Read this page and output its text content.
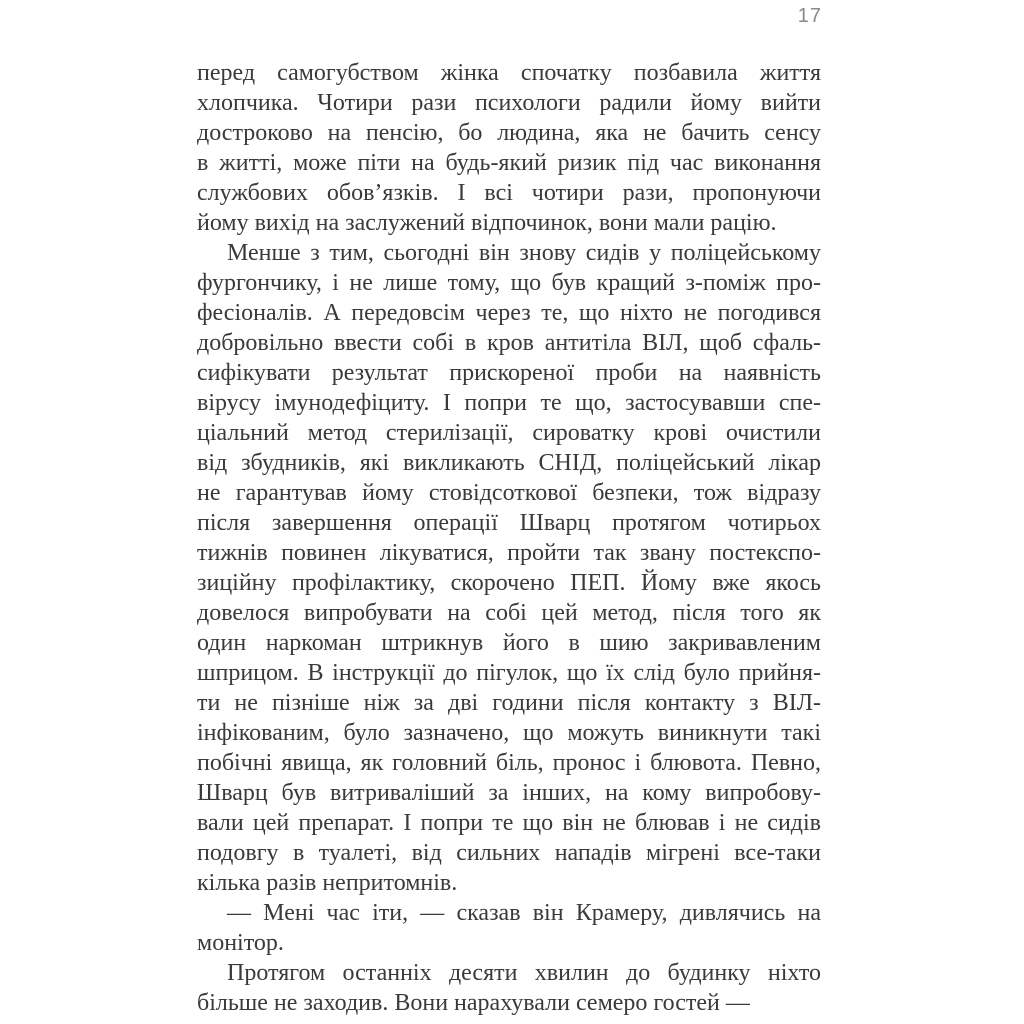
17
перед самогубством жінка спочатку позбавила життя
хлопчика. Чотири рази психологи радили йому вийти
достроково на пенсію, бо людина, яка не бачить сенсу
в житті, може піти на будь-який ризик під час виконання
службових обов’язків. І всі чотири рази, пропонуючи
йому вихід на заслужений відпочинок, вони мали рацію.
Менше з тим, сьогодні він знову сидів у поліцейському
фургончику, і не лише тому, що був кращий з-поміж про-
фесіоналів. А передовсім через те, що ніхто не погодився
добровільно ввести собі в кров антитіла ВІЛ, щоб сфаль-
сифікувати результат прискореної проби на наявність
вірусу імунодефіциту. І попри те що, застосувавши спе-
ціальний метод стерилізації, сироватку крові очистили
від збудників, які викликають СНІД, поліцейський лікар
не гарантував йому стовідсоткової безпеки, тож відразу
після завершення операції Шварц протягом чотирьох
тижнів повинен лікуватися, пройти так звану постекспо-
зиційну профілактику, скорочено ПЕП. Йому вже якось
довелося випробувати на собі цей метод, після того як
один наркоман штрикнув його в шию закривавленим
шприцом. В інструкції до пігулок, що їх слід було прийня-
ти не пізніше ніж за дві години після контакту з ВІЛ-
інфікованим, було зазначено, що можуть виникнути такі
побічні явища, як головний біль, пронос і блювота. Певно,
Шварц був витриваліший за інших, на кому випробову-
вали цей препарат. І попри те що він не блював і не сидів
подовгу в туалеті, від сильних нападів мігрені все-таки
кілька разів непритомнів.
— Мені час іти, — сказав він Крамеру, дивлячись на
монітор.
Протягом останніх десяти хвилин до будинку ніхто
більше не заходив. Вони нарахували семеро гостей —
